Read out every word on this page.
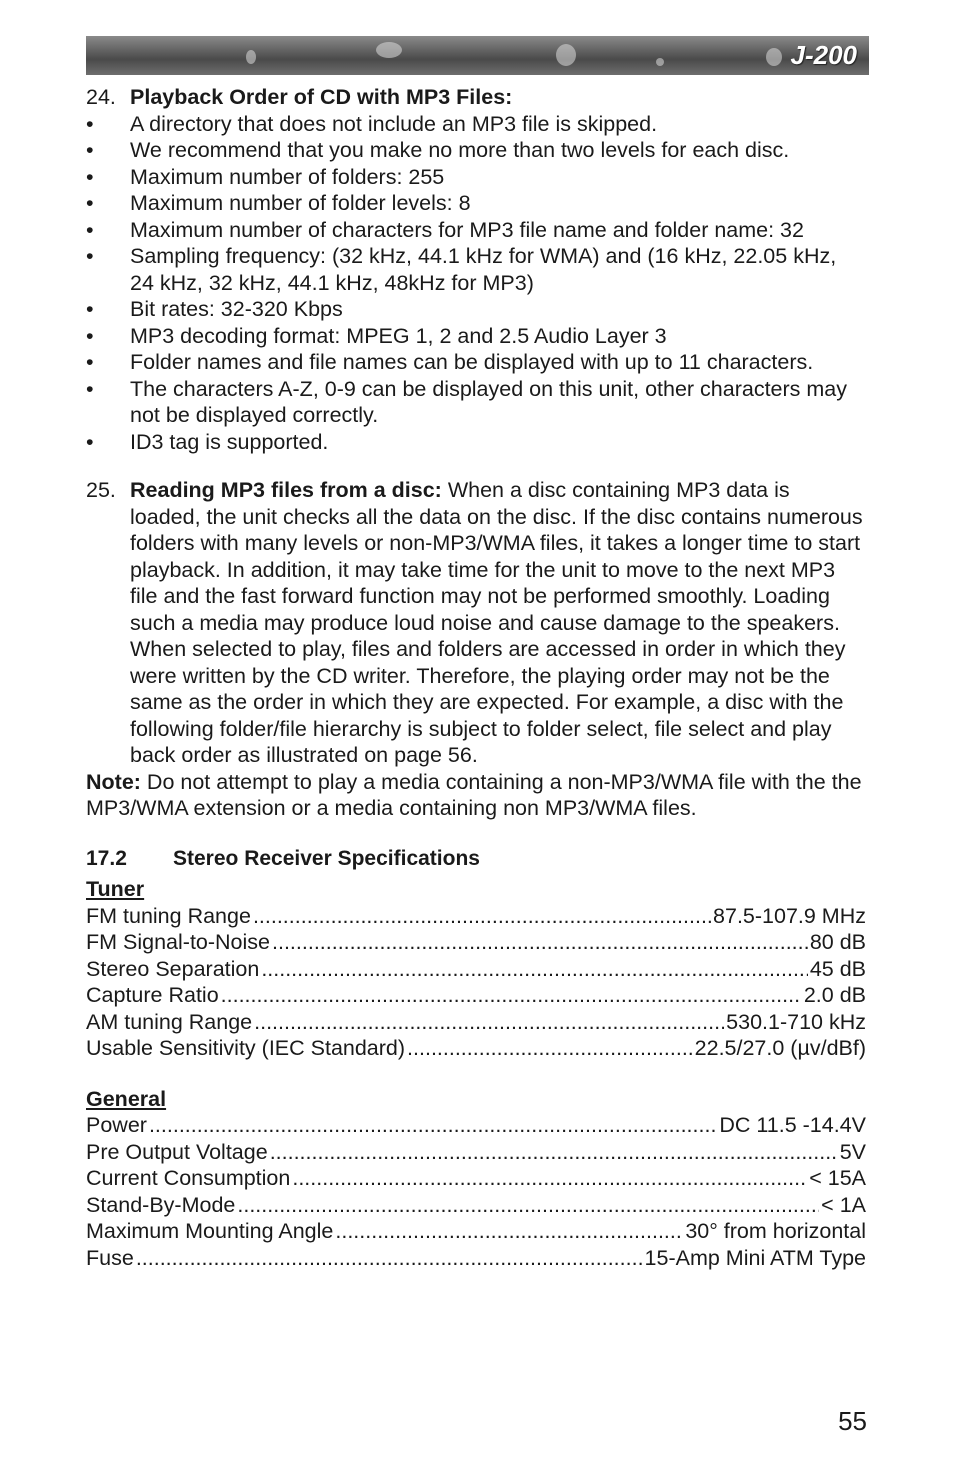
J-200
24. Playback Order of CD with MP3 Files:
•	A directory that does not include an MP3 file is skipped.
•	We recommend that you make no more than two levels for each disc.
•	Maximum number of folders: 255
•	Maximum number of folder levels: 8
•	Maximum number of characters for MP3 file name and folder name: 32
•	Sampling frequency: (32 kHz, 44.1 kHz for WMA) and (16 kHz, 22.05 kHz, 24 kHz, 32 kHz, 44.1 kHz, 48kHz for MP3)
•	Bit rates: 32-320 Kbps
•	MP3 decoding format: MPEG 1, 2 and 2.5 Audio Layer 3
•	Folder names and file names can be displayed with up to 11 characters.
•	The characters A-Z, 0-9 can be displayed on this unit, other characters may not be displayed correctly.
•	ID3 tag is supported.
25. Reading MP3 files from a disc: When a disc containing MP3 data is loaded, the unit checks all the data on the disc. If the disc contains numerous folders with many levels or non-MP3/WMA files, it takes a longer time to start playback. In addition, it may take time for the unit to move to the next MP3 file and the fast forward function may not be performed smoothly. Loading such a media may produce loud noise and cause damage to the speakers. When selected to play, files and folders are accessed in order in which they were written by the CD writer. Therefore, the playing order may not be the same as the order in which they are expected. For example, a disc with the following folder/file hierarchy is subject to folder select, file select and play back order as illustrated on page 56.
Note: Do not attempt to play a media containing a non-MP3/WMA file with the the MP3/WMA extension or a media containing non MP3/WMA files.
17.2 Stereo Receiver Specifications
Tuner
FM tuning Range .....	87.5-107.9 MHz
FM Signal-to-Noise .....	80 dB
Stereo Separation .....	45 dB
Capture Ratio .....	2.0 dB
AM tuning Range .....	530.1-710 kHz
Usable Sensitivity (IEC Standard) .....	22.5/27.0 (µv/dBf)
General
Power .....	DC 11.5 -14.4V
Pre Output Voltage .....	5V
Current Consumption .....	< 15A
Stand-By-Mode .....	< 1A
Maximum Mounting Angle .....	30° from horizontal
Fuse .....	15-Amp Mini ATM Type
55
